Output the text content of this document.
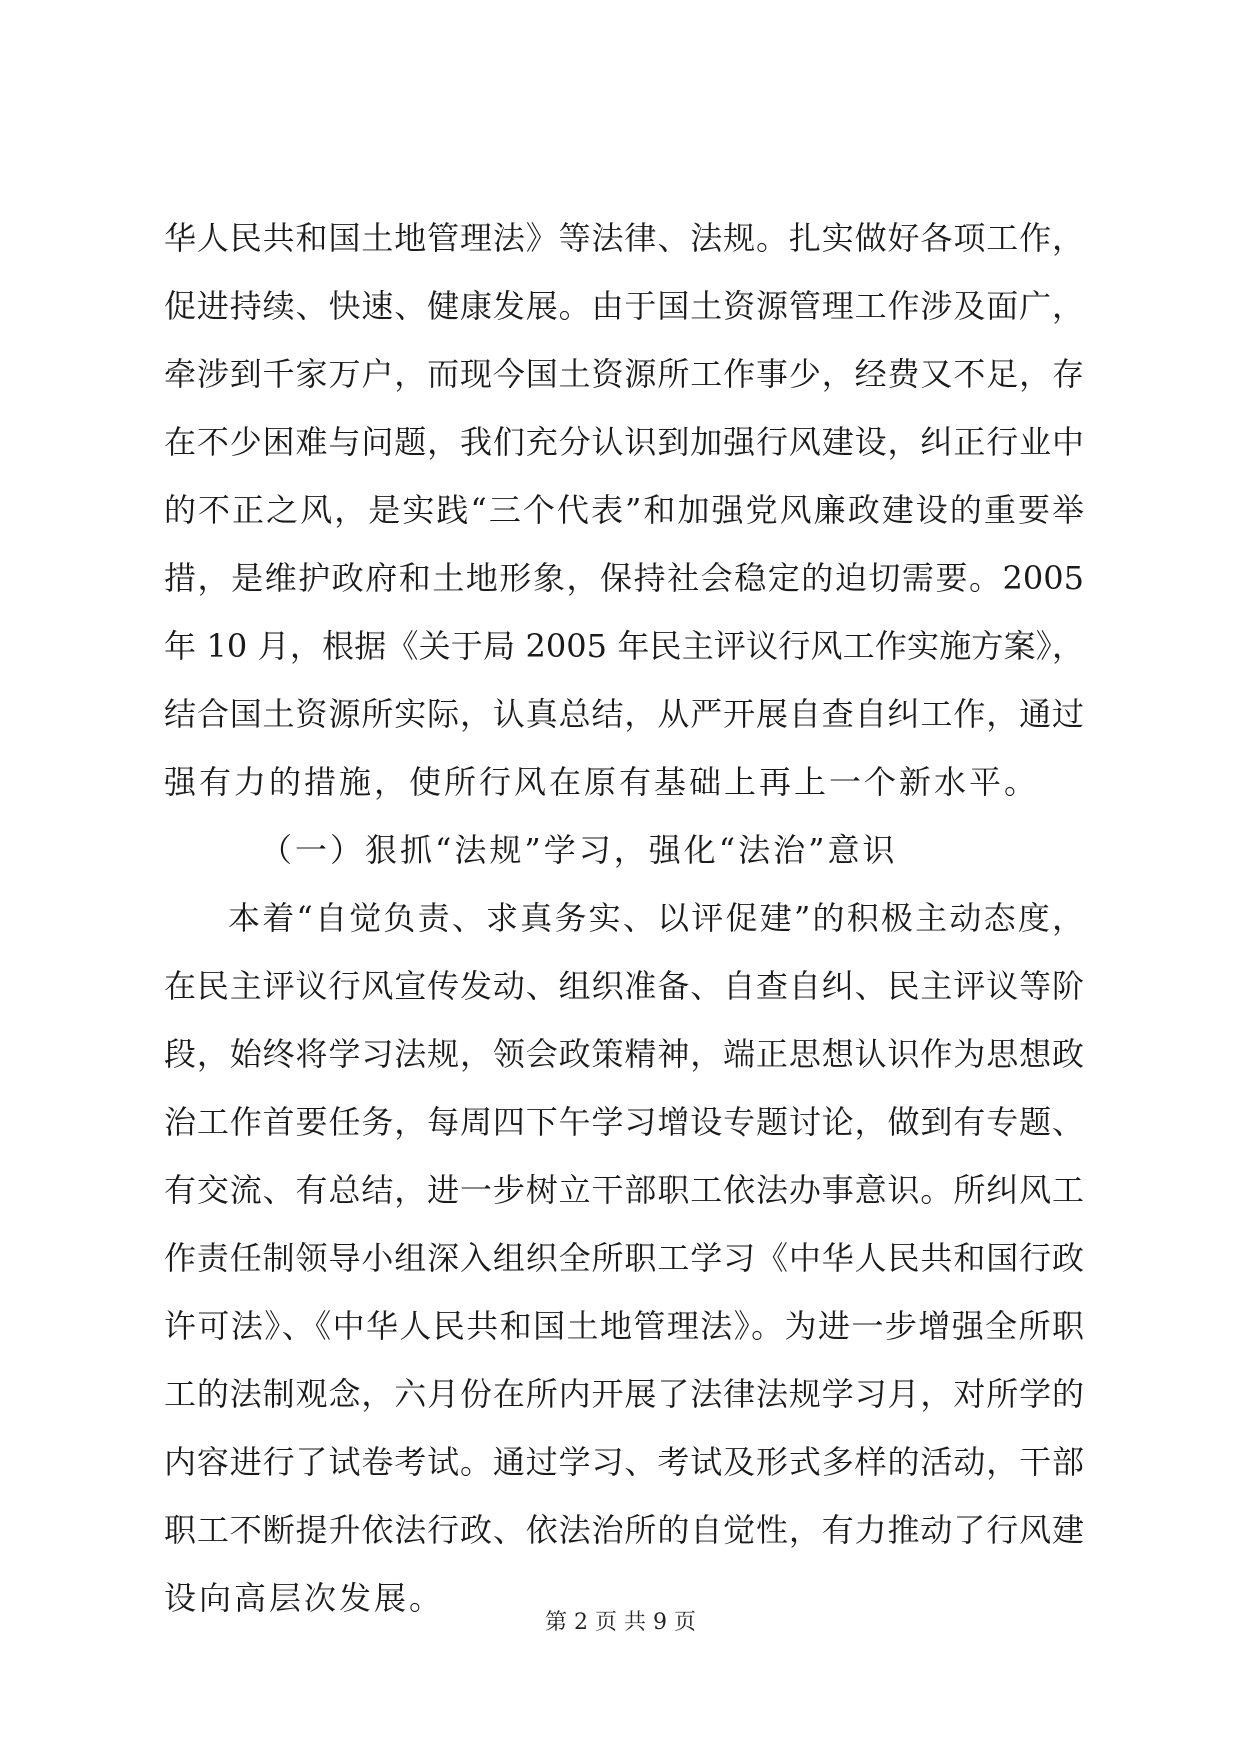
华人民共和国土地管理法》等法律、法规。扎实做好各项工作，
促进持续、快速、健康发展。由于国土资源管理工作涉及面广，
牵涉到千家万户，而现今国土资源所工作事少，经费又不足，存
在不少困难与问题，我们充分认识到加强行风建设，纠正行业中
的不正之风，是实践“三个代表”和加强党风廉政建设的重要举
措，是维护政府和土地形象，保持社会稳定的迫切需要。2005
年 10 月，根据《关于局 2005 年民主评议行风工作实施方案》，
结合国土资源所实际，认真总结，从严开展自查自纠工作，通过
强有力的措施，使所行风在原有基础上再上一个新水平。
（一）狠抓“法规”学习，强化“法治”意识
本着“自觉负责、求真务实、以评促建”的积极主动态度，
在民主评议行风宣传发动、组织准备、自查自纠、民主评议等阶
段，始终将学习法规，领会政策精神，端正思想认识作为思想政
治工作首要任务，每周四下午学习增设专题讨论，做到有专题、
有交流、有总结，进一步树立干部职工依法办事意识。所纠风工
作责任制领导小组深入组织全所职工学习《中华人民共和国行政
许可法》、《中华人民共和国土地管理法》。为进一步增强全所职
工的法制观念，六月份在所内开展了法律法规学习月，对所学的
内容进行了试卷考试。通过学习、考试及形式多样的活动，干部
职工不断提升依法行政、依法治所的自觉性，有力推动了行风建
设向高层次发展。
第 2 页 共 9 页
